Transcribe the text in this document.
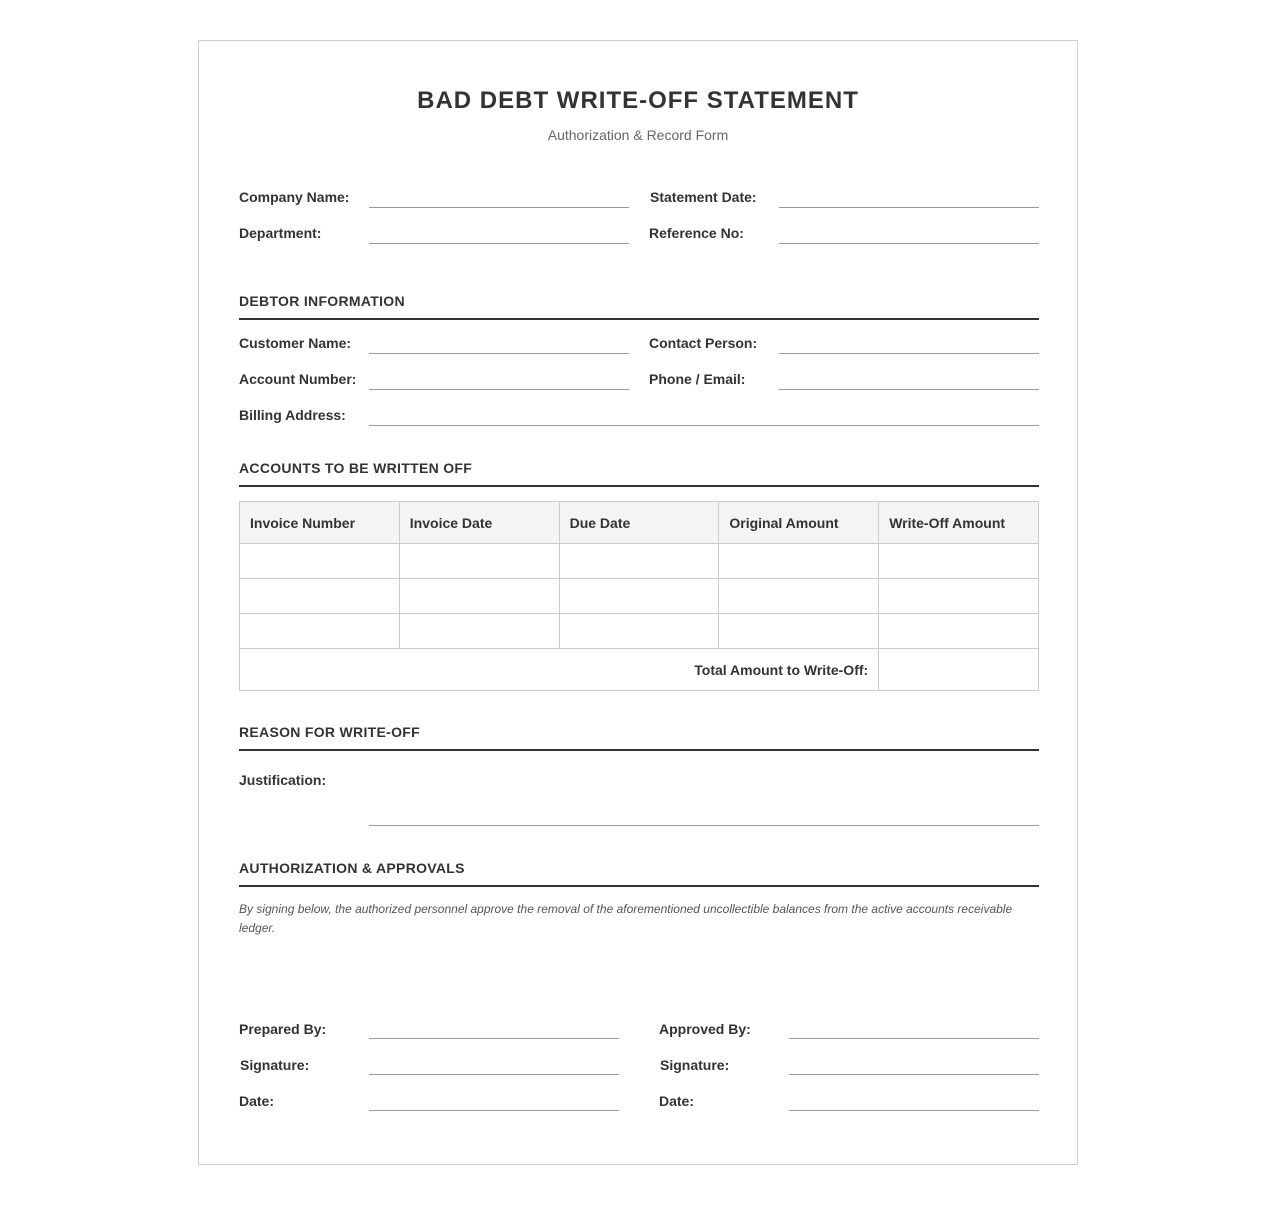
BAD DEBT WRITE-OFF STATEMENT
Authorization & Record Form
Company Name:	Statement Date:
Department:	Reference No:
DEBTOR INFORMATION
Customer Name:	Contact Person:
Account Number:	Phone / Email:
Billing Address:
ACCOUNTS TO BE WRITTEN OFF
Invoice Number	Invoice Date	Due Date	Original Amount	Write-Off Amount

Total Amount to Write-Off:				
REASON FOR WRITE-OFF
Justification:
AUTHORIZATION & APPROVALS
By signing below, the authorized personnel approve the removal of the aforementioned uncollectible balances from the active accounts receivable ledger.
Prepared By:	Approved By:
Signature:	Signature:
Date:	Date:
